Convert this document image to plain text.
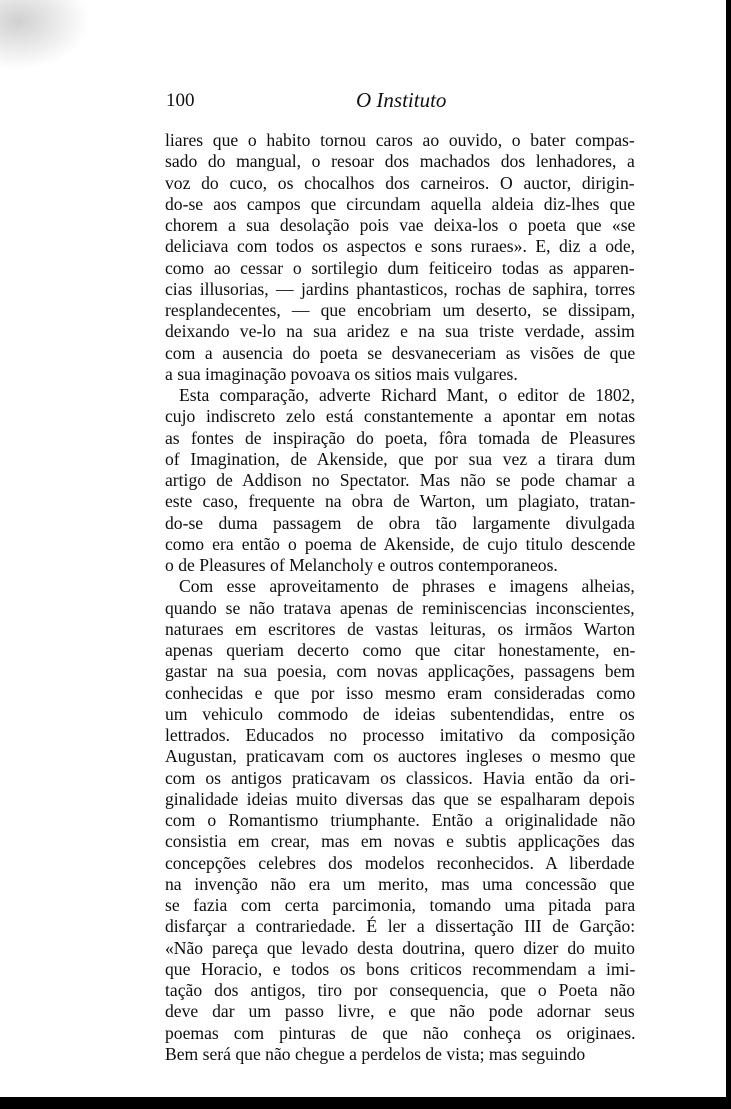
100	O Instituto
liares que o habito tornou caros ao ouvido, o bater compas-
sado do mangual, o resoar dos machados dos lenhadores, a
voz do cuco, os chocalhos dos carneiros. O auctor, dirigin-
do-se aos campos que circundam aquella aldeia diz-lhes que
chorem a sua desolação pois vae deixa-los o poeta que «se
deliciava com todos os aspectos e sons ruraes». E, diz a ode,
como ao cessar o sortilegio dum feiticeiro todas as apparen-
cias illusorias, — jardins phantasticos, rochas de saphira, torres
resplandecentes, — que encobriam um deserto, se dissipam,
deixando ve-lo na sua aridez e na sua triste verdade, assim
com a ausencia do poeta se desvaneceriam as visões de que
a sua imaginação povoava os sitios mais vulgares.
Esta comparação, adverte Richard Mant, o editor de 1802,
cujo indiscreto zelo está constantemente a apontar em notas
as fontes de inspiração do poeta, fôra tomada de Pleasures
of Imagination, de Akenside, que por sua vez a tirara dum
artigo de Addison no Spectator. Mas não se pode chamar a
este caso, frequente na obra de Warton, um plagiato, tratan-
do-se duma passagem de obra tão largamente divulgada
como era então o poema de Akenside, de cujo titulo descende
o de Pleasures of Melancholy e outros contemporaneos.
Com esse aproveitamento de phrases e imagens alheias,
quando se não tratava apenas de reminiscencias inconscientes,
naturaes em escritores de vastas leituras, os irmãos Warton
apenas queriam decerto como que citar honestamente, en-
gastar na sua poesia, com novas applicações, passagens bem
conhecidas e que por isso mesmo eram consideradas como
um vehiculo commodo de ideias subentendidas, entre os
lettrados. Educados no processo imitativo da composição
Augustan, praticavam com os auctores ingleses o mesmo que
com os antigos praticavam os classicos. Havia então da ori-
ginalidade ideias muito diversas das que se espalharam depois
com o Romantismo triumphante. Então a originalidade não
consistia em crear, mas em novas e subtis applicações das
concepções celebres dos modelos reconhecidos. A liberdade
na invenção não era um merito, mas uma concessão que
se fazia com certa parcimonia, tomando uma pitada para
disfarçar a contrariedade. É ler a dissertação III de Garção:
«Não pareça que levado desta doutrina, quero dizer do muito
que Horacio, e todos os bons criticos recommendam a imi-
tação dos antigos, tiro por consequencia, que o Poeta não
deve dar um passo livre, e que não pode adornar seus
poemas com pinturas de que não conheça os originaes.
Bem será que não chegue a perdelos de vista; mas seguindo
